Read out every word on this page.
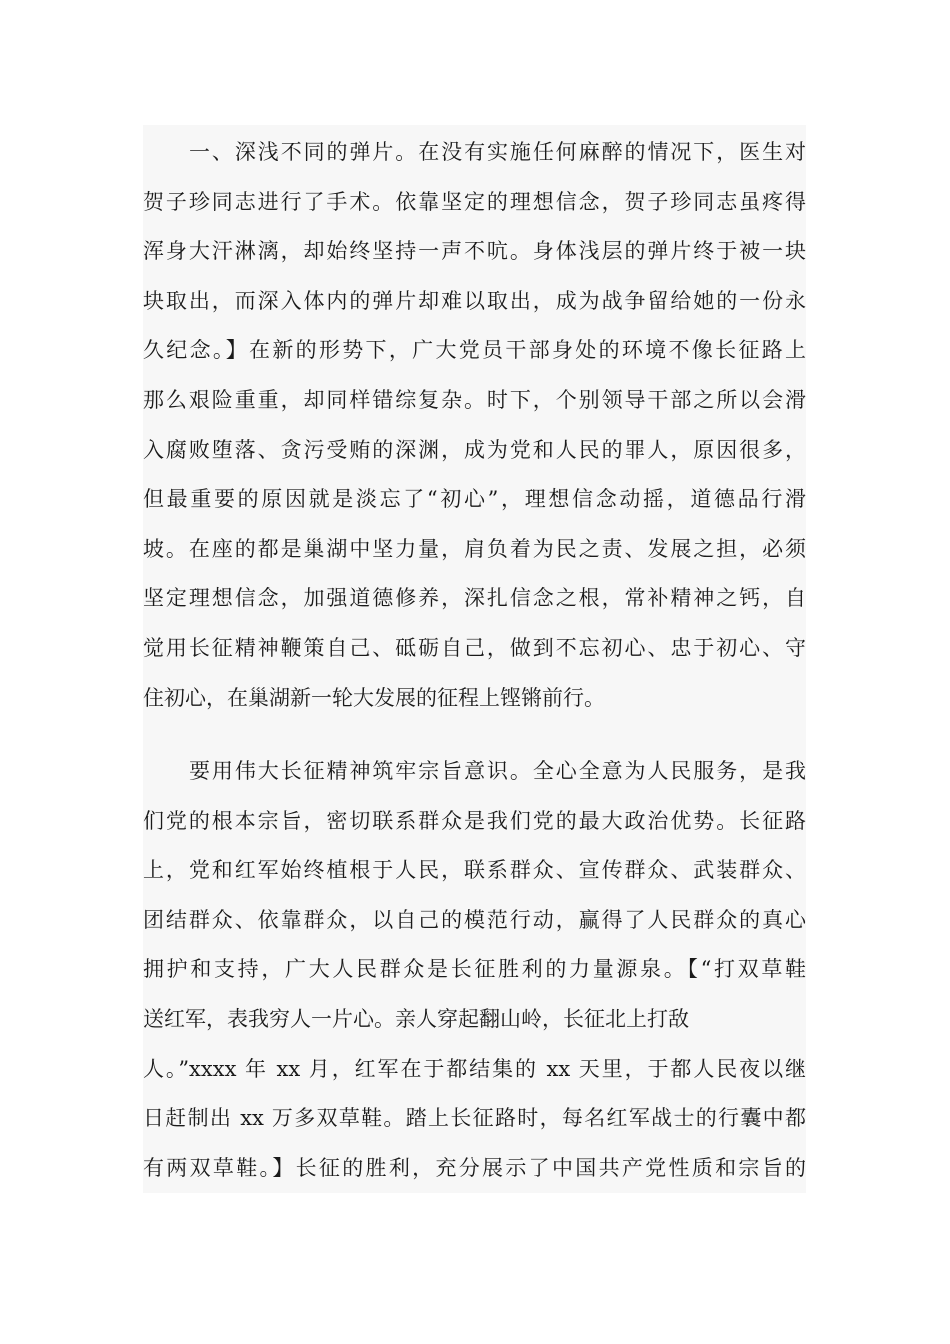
一、深浅不同的弹片。在没有实施任何麻醉的情况下，医生对
贺子珍同志进行了手术。依靠坚定的理想信念，贺子珍同志虽疼得
浑身大汗淋漓，却始终坚持一声不吭。身体浅层的弹片终于被一块
块取出，而深入体内的弹片却难以取出，成为战争留给她的一份永
久纪念。】在新的形势下，广大党员干部身处的环境不像长征路上
那么艰险重重，却同样错综复杂。时下，个别领导干部之所以会滑
入腐败堕落、贪污受贿的深渊，成为党和人民的罪人，原因很多，
但最重要的原因就是淡忘了“初心”，理想信念动摇，道德品行滑
坡。在座的都是巢湖中坚力量，肩负着为民之责、发展之担，必须
坚定理想信念，加强道德修养，深扎信念之根，常补精神之钙，自
觉用长征精神鞭策自己、砥砺自己，做到不忘初心、忠于初心、守
住初心，在巢湖新一轮大发展的征程上铿锵前行。
要用伟大长征精神筑牢宗旨意识。全心全意为人民服务，是我
们党的根本宗旨，密切联系群众是我们党的最大政治优势。长征路
上，党和红军始终植根于人民，联系群众、宣传群众、武装群众、
团结群众、依靠群众，以自己的模范行动，赢得了人民群众的真心
拥护和支持，广大人民群众是长征胜利的力量源泉。【“打双草鞋
送红军，表我穷人一片心。亲人穿起翻山岭，长征北上打敌
人。”xxxx 年 xx 月，红军在于都结集的 xx 天里，于都人民夜以继
日赶制出 xx 万多双草鞋。踏上长征路时，每名红军战士的行囊中都
有两双草鞋。】长征的胜利，充分展示了中国共产党性质和宗旨的
